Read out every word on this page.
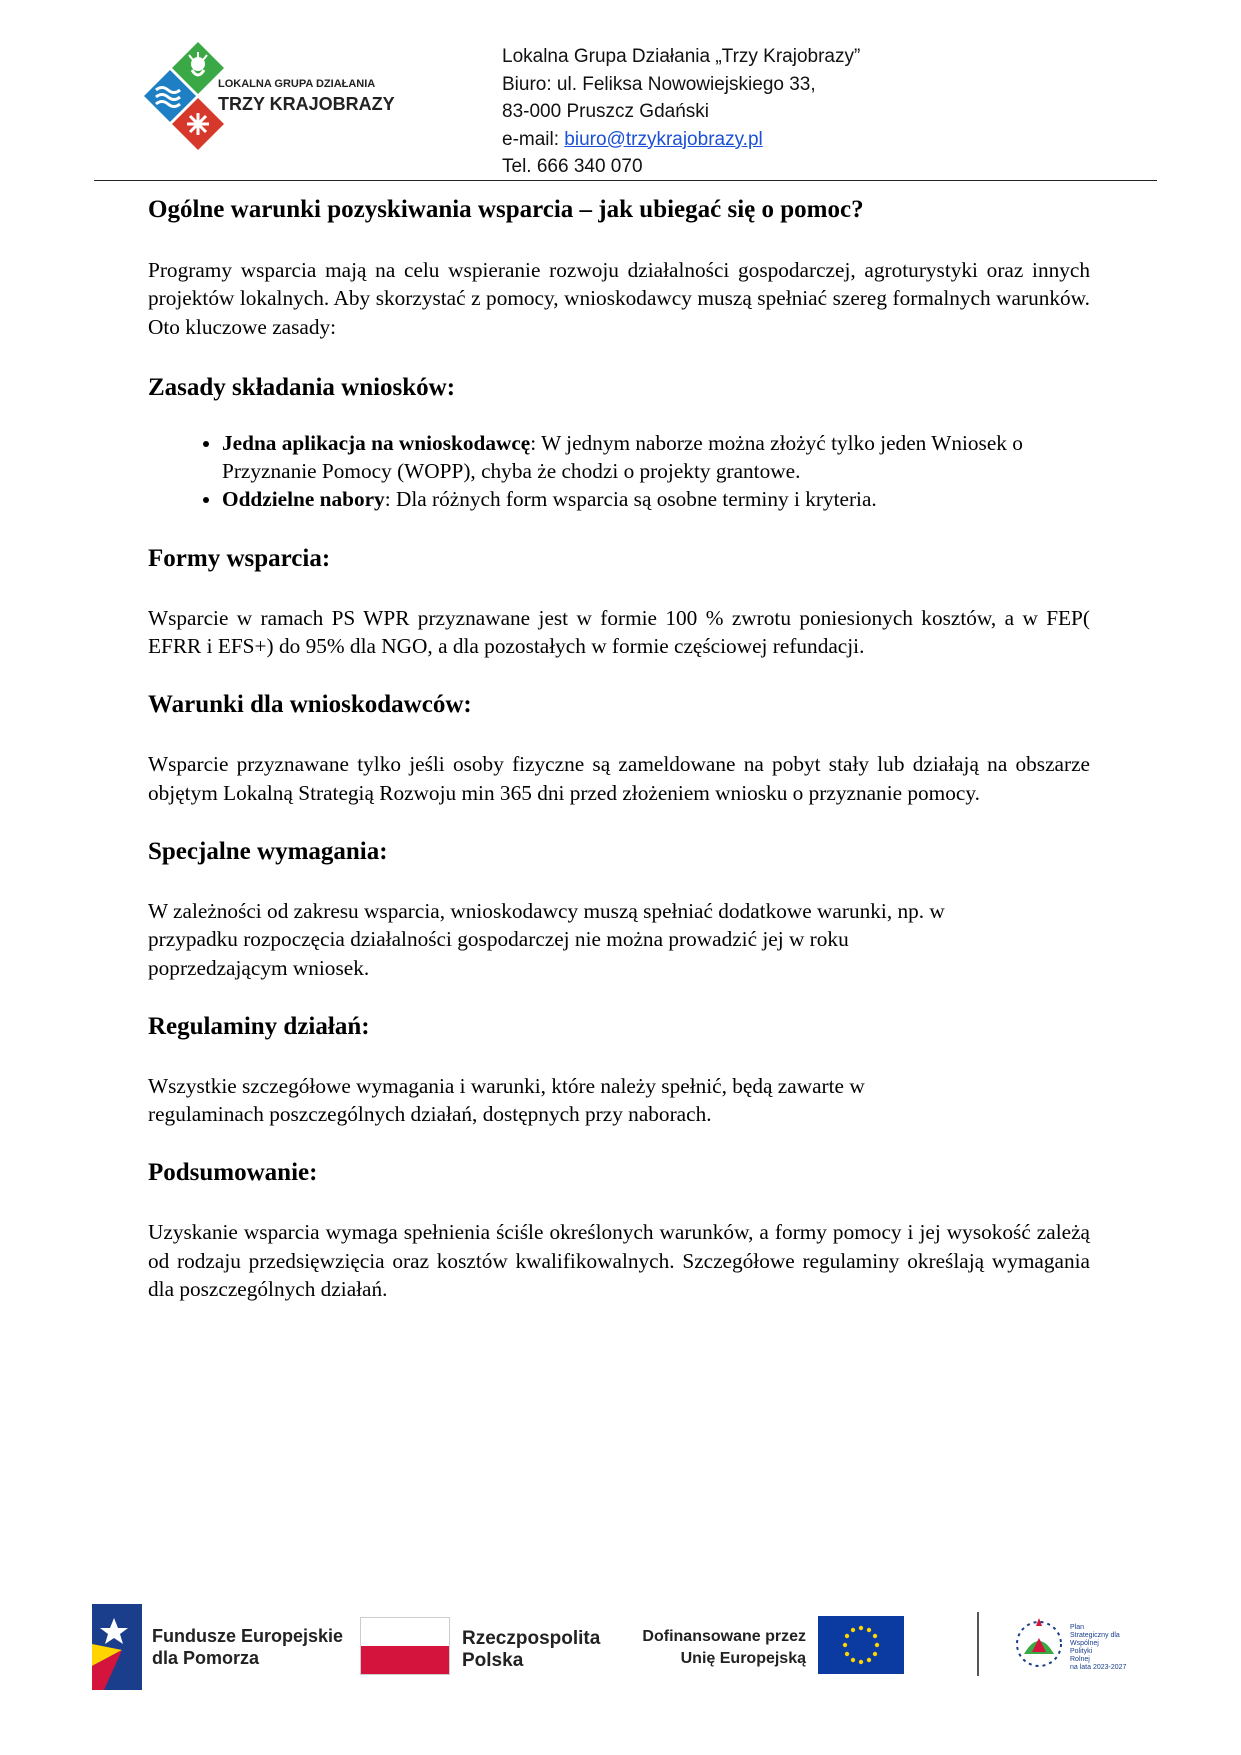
LOKALNA GRUPA DZIAŁANIA
TRZY KRAJOBRAZY
Lokalna Grupa Działania „Trzy Krajobrazy”
Biuro: ul. Feliksa Nowowiejskiego 33,
83-000 Pruszcz Gdański
e-mail: biuro@trzykrajobrazy.pl
Tel. 666 340 070
Ogólne warunki pozyskiwania wsparcia – jak ubiegać się o pomoc?

Programy wsparcia mają na celu wspieranie rozwoju działalności gospodarczej, agroturystyki oraz innych projektów lokalnych. Aby skorzystać z pomocy, wnioskodawcy muszą spełniać szereg formalnych warunków. Oto kluczowe zasady:

Zasady składania wniosków:
• Jedna aplikacja na wnioskodawcę: W jednym naborze można złożyć tylko jeden Wniosek o Przyznanie Pomocy (WOPP), chyba że chodzi o projekty grantowe.
• Oddzielne nabory: Dla różnych form wsparcia są osobne terminy i kryteria.
Formy wsparcia:

Wsparcie w ramach PS WPR przyznawane jest w formie 100 % zwrotu poniesionych kosztów, a w FEP( EFRR i EFS+) do 95% dla NGO, a dla pozostałych w formie częściowej refundacji.

Warunki dla wnioskodawców:

Wsparcie przyznawane tylko jeśli osoby fizyczne są zameldowane na pobyt stały lub działają na obszarze objętym Lokalną Strategią Rozwoju min 365 dni przed złożeniem wniosku o przyznanie pomocy.

Specjalne wymagania:

W zależności od zakresu wsparcia, wnioskodawcy muszą spełniać dodatkowe warunki, np. w
przypadku rozpoczęcia działalności gospodarczej nie można prowadzić jej w roku
poprzedzającym wniosek.

Regulaminy działań:

Wszystkie szczegółowe wymagania i warunki, które należy spełnić, będą zawarte w
regulaminach poszczególnych działań, dostępnych przy naborach.

Podsumowanie:

Uzyskanie wsparcia wymaga spełnienia ściśle określonych warunków, a formy pomocy i jej wysokość zależą od rodzaju przedsięwzięcia oraz kosztów kwalifikowalnych. Szczegółowe regulaminy określają wymagania dla poszczególnych działań.

Fundusze Europejskie
dla Pomorza
Rzeczpospolita
Polska
Dofinansowane przez
Unię Europejską
Plan
Strategiczny dla
Wspólnej
Polityki
Rolnej
na lata 2023-2027
